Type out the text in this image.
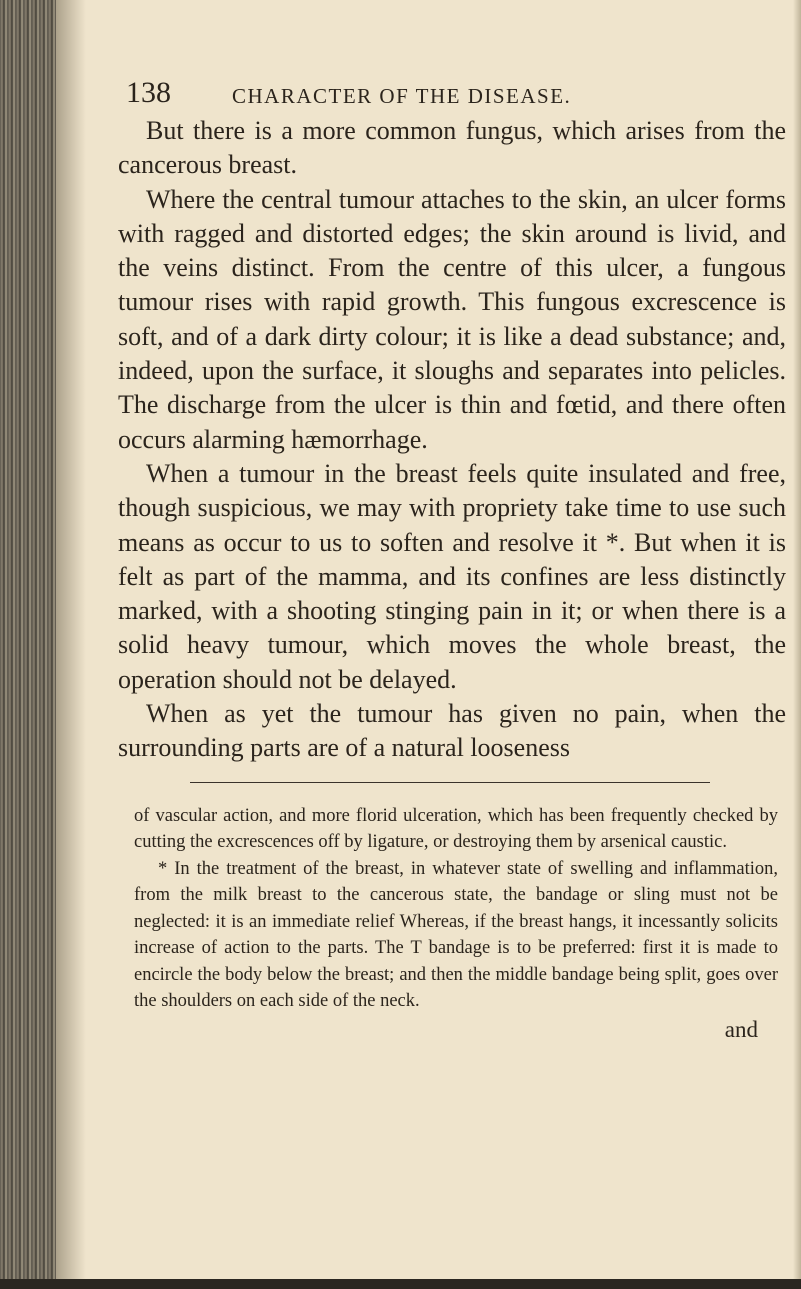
138	CHARACTER OF THE DISEASE.

But there is a more common fungus, which arises from the cancerous breast.

Where the central tumour attaches to the skin, an ulcer forms with ragged and distorted edges; the skin around is livid, and the veins distinct. From the centre of this ulcer, a fungous tumour rises with rapid growth. This fungous excrescence is soft, and of a dark dirty colour; it is like a dead substance; and, indeed, upon the surface, it sloughs and separates into pelicles. The discharge from the ulcer is thin and fœtid, and there often occurs alarming hæmorrhage.

When a tumour in the breast feels quite insulated and free, though suspicious, we may with propriety take time to use such means as occur to us to soften and resolve it *. But when it is felt as part of the mamma, and its confines are less distinctly marked, with a shooting stinging pain in it; or when there is a solid heavy tumour, which moves the whole breast, the operation should not be delayed.

When as yet the tumour has given no pain, when the surrounding parts are of a natural looseness

of vascular action, and more florid ulceration, which has been frequently checked by cutting the excrescences off by ligature, or destroying them by arsenical caustic.

* In the treatment of the breast, in whatever state of swelling and inflammation, from the milk breast to the cancerous state, the bandage or sling must not be neglected: it is an immediate relief Whereas, if the breast hangs, it incessantly solicits increase of action to the parts. The T bandage is to be preferred: first it is made to encircle the body below the breast; and then the middle bandage being split, goes over the shoulders on each side of the neck.

and
